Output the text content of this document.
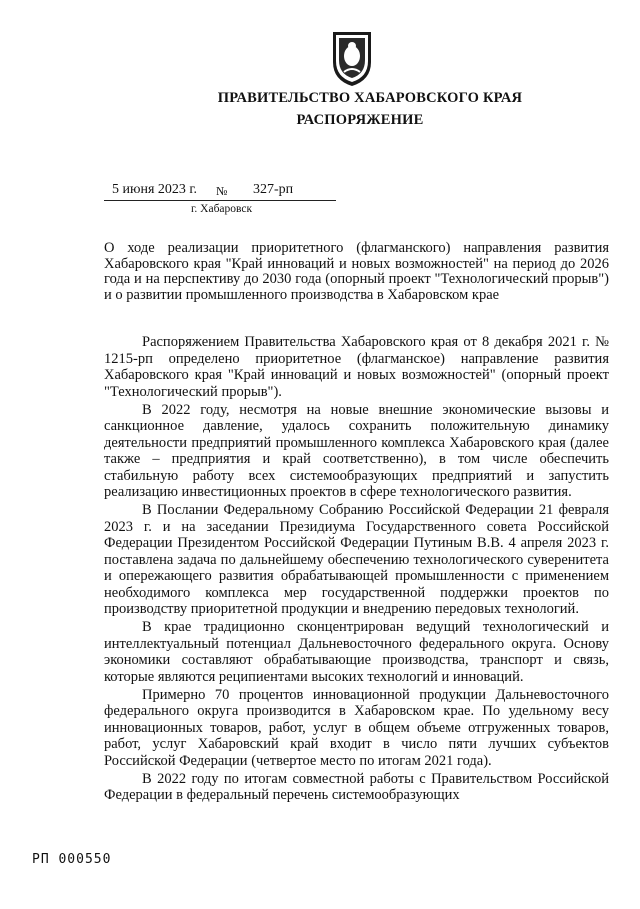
ПРАВИТЕЛЬСТВО ХАБАРОВСКОГО КРАЯ
РАСПОРЯЖЕНИЕ
5 июня 2023 г. № 327-рп
г. Хабаровск
О ходе реализации приоритетного (флагманского) направления развития Хабаровского края "Край инноваций и новых возможностей" на период до 2026 года и на перспективу до 2030 года (опорный проект "Технологический прорыв") и о развитии промышленного производства в Хабаровском крае

Распоряжением Правительства Хабаровского края от 8 декабря 2021 г. № 1215-рп определено приоритетное (флагманское) направление развития Хабаровского края "Край инноваций и новых возможностей" (опорный проект "Технологический прорыв").

В 2022 году, несмотря на новые внешние экономические вызовы и санкционное давление, удалось сохранить положительную динамику деятельности предприятий промышленного комплекса Хабаровского края (далее также – предприятия и край соответственно), в том числе обеспечить стабильную работу всех системообразующих предприятий и запустить реализацию инвестиционных проектов в сфере технологического развития.

В Послании Федеральному Собранию Российской Федерации 21 февраля 2023 г. и на заседании Президиума Государственного совета Российской Федерации Президентом Российской Федерации Путиным В.В. 4 апреля 2023 г. поставлена задача по дальнейшему обеспечению технологического суверенитета и опережающего развития обрабатывающей промышленности с применением необходимого комплекса мер государственной поддержки проектов по производству приоритетной продукции и внедрению передовых технологий.

В крае традиционно сконцентрирован ведущий технологический и интеллектуальный потенциал Дальневосточного федерального округа. Основу экономики составляют обрабатывающие производства, транспорт и связь, которые являются реципиентами высоких технологий и инноваций.

Примерно 70 процентов инновационной продукции Дальневосточного федерального округа производится в Хабаровском крае. По удельному весу инновационных товаров, работ, услуг в общем объеме отгруженных товаров, работ, услуг Хабаровский край входит в число пяти лучших субъектов Российской Федерации (четвертое место по итогам 2021 года).

В 2022 году по итогам совместной работы с Правительством Российской Федерации в федеральный перечень системообразующих

РП 000550
